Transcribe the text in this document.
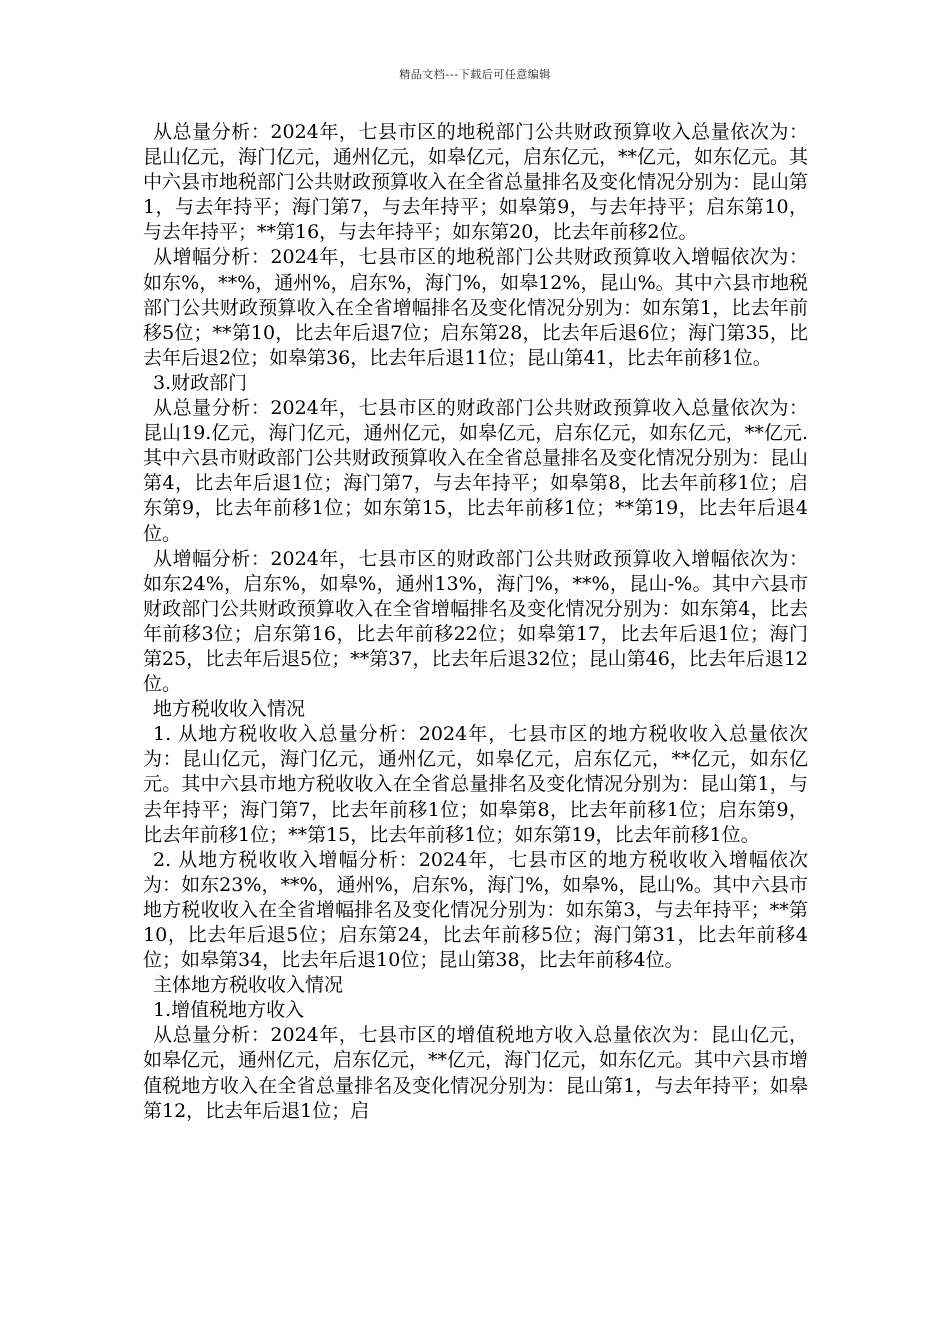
精品文档---下载后可任意编辑

从总量分析：2024年，七县市区的地税部门公共财政预算收入总量依次为：昆山亿元，海门亿元，通州亿元，如皋亿元，启东亿元，**亿元，如东亿元。其中六县市地税部门公共财政预算收入在全省总量排名及变化情况分别为：昆山第1，与去年持平；海门第7，与去年持平；如皋第9，与去年持平；启东第10，与去年持平；**第16，与去年持平；如东第20，比去年前移2位。

从增幅分析：2024年，七县市区的地税部门公共财政预算收入增幅依次为：如东%，**%，通州%，启东%，海门%，如皋12%，昆山%。其中六县市地税部门公共财政预算收入在全省增幅排名及变化情况分别为：如东第1，比去年前移5位；**第10，比去年后退7位；启东第28，比去年后退6位；海门第35，比去年后退2位；如皋第36，比去年后退11位；昆山第41，比去年前移1位。

3.财政部门

从总量分析：2024年，七县市区的财政部门公共财政预算收入总量依次为：昆山19.亿元，海门亿元，通州亿元，如皋亿元，启东亿元，如东亿元，**亿元.其中六县市财政部门公共财政预算收入在全省总量排名及变化情况分别为：昆山第4，比去年后退1位；海门第7，与去年持平；如皋第8，比去年前移1位；启东第9，比去年前移1位；如东第15，比去年前移1位；**第19，比去年后退4位。

从增幅分析：2024年，七县市区的财政部门公共财政预算收入增幅依次为：如东24%，启东%，如皋%，通州13%，海门%，**%，昆山-%。其中六县市财政部门公共财政预算收入在全省增幅排名及变化情况分别为：如东第4，比去年前移3位；启东第16，比去年前移22位；如皋第17，比去年后退1位；海门第25，比去年后退5位；**第37，比去年后退32位；昆山第46，比去年后退12位。

地方税收收入情况

1. 从地方税收收入总量分析：2024年，七县市区的地方税收收入总量依次为：昆山亿元，海门亿元，通州亿元，如皋亿元，启东亿元，**亿元，如东亿元。其中六县市地方税收收入在全省总量排名及变化情况分别为：昆山第1，与去年持平；海门第7，比去年前移1位；如皋第8，比去年前移1位；启东第9，比去年前移1位；**第15，比去年前移1位；如东第19，比去年前移1位。

2. 从地方税收收入增幅分析：2024年，七县市区的地方税收收入增幅依次为：如东23%，**%，通州%，启东%，海门%，如皋%，昆山%。其中六县市地方税收收入在全省增幅排名及变化情况分别为：如东第3，与去年持平；**第10，比去年后退5位；启东第24，比去年前移5位；海门第31，比去年前移4位；如皋第34，比去年后退10位；昆山第38，比去年前移4位。

主体地方税收收入情况

1.增值税地方收入

从总量分析：2024年，七县市区的增值税地方收入总量依次为：昆山亿元，如皋亿元，通州亿元，启东亿元，**亿元，海门亿元，如东亿元。其中六县市增值税地方收入在全省总量排名及变化情况分别为：昆山第1，与去年持平；如皋第12，比去年后退1位；启
